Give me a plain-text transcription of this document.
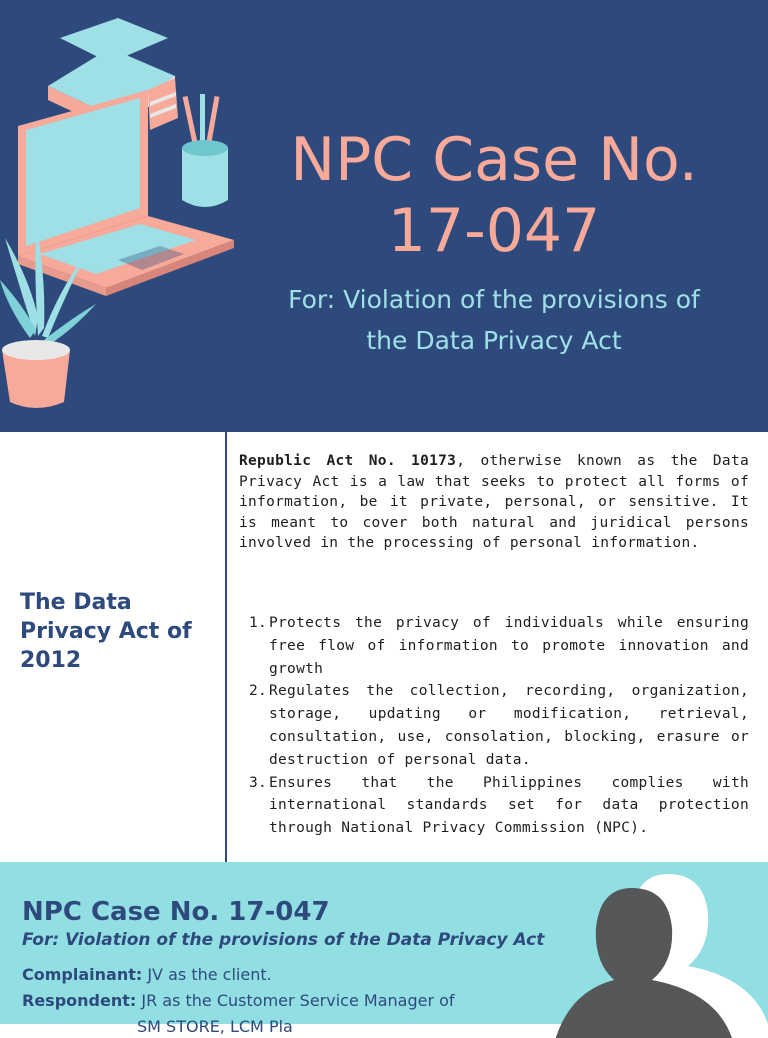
NPC Case No.
17-047
For: Violation of the provisions of
the Data Privacy Act
The Data Privacy Act of 2012

Republic Act No. 10173, otherwise known as the Data Privacy Act is a law that seeks to protect all forms of information, be it private, personal, or sensitive. It is meant to cover both natural and juridical persons involved in the processing of personal information.

1. Protects the privacy of individuals while ensuring free flow of information to promote innovation and growth
2. Regulates the collection, recording, organization, storage, updating or modification, retrieval, consultation, use, consolation, blocking, erasure or destruction of personal data.
3. Ensures that the Philippines complies with international standards set for data protection through National Privacy Commission (NPC).
NPC Case No. 17-047
For: Violation of the provisions of the Data Privacy Act
Complainant: JV as the client.
Respondent: JR as the Customer Service Manager of
SM STORE, LCM Pla
